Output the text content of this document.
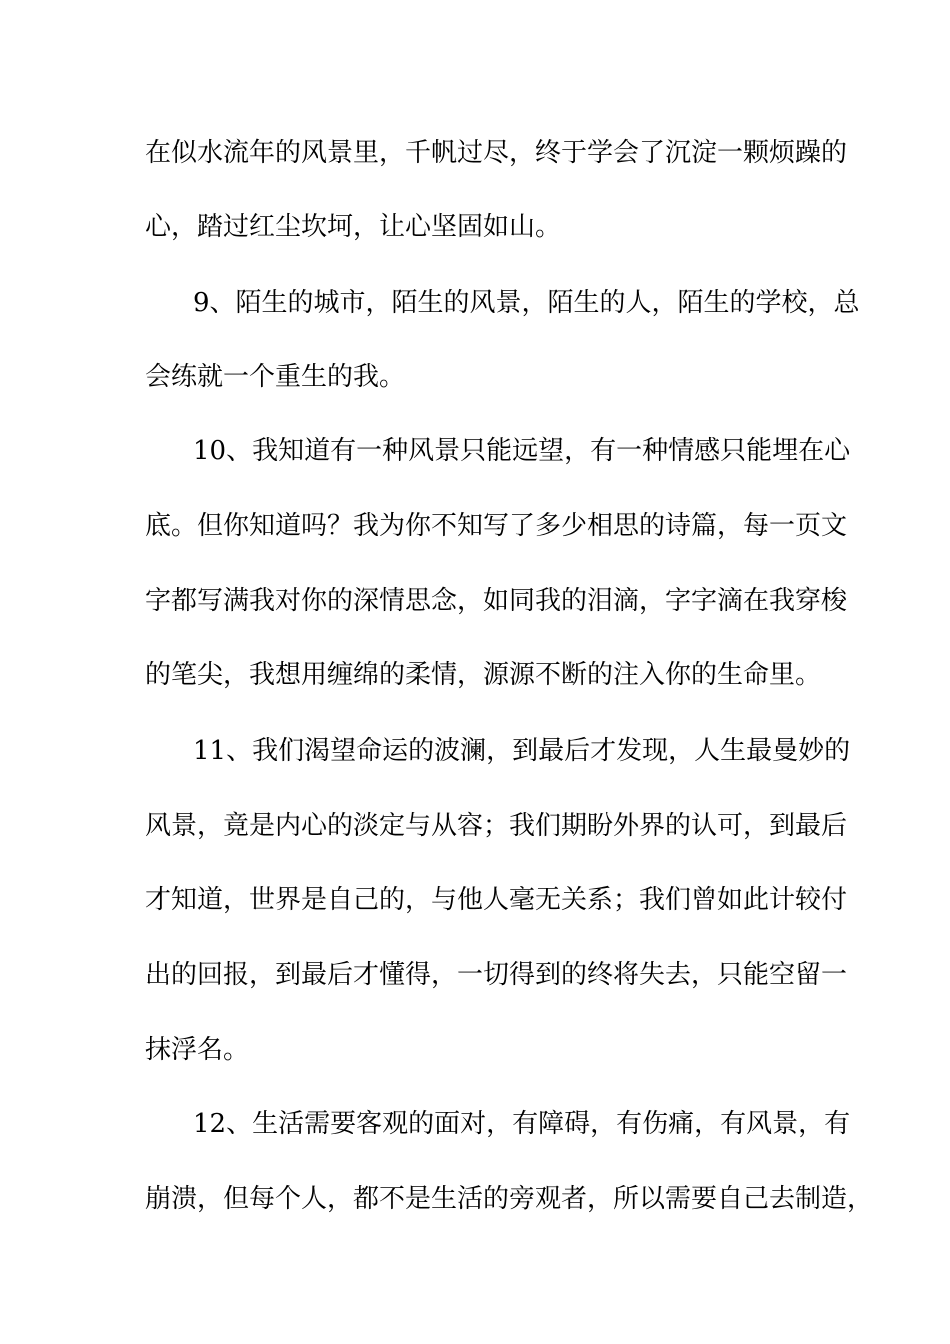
在似水流年的风景里，千帆过尽，终于学会了沉淀一颗烦躁的
心，踏过红尘坎坷，让心坚固如山。
9、陌生的城市，陌生的风景，陌生的人，陌生的学校，总
会练就一个重生的我。
10、我知道有一种风景只能远望，有一种情感只能埋在心
底。但你知道吗？我为你不知写了多少相思的诗篇，每一页文
字都写满我对你的深情思念，如同我的泪滴，字字滴在我穿梭
的笔尖，我想用缠绵的柔情，源源不断的注入你的生命里。
11、我们渴望命运的波澜，到最后才发现，人生最曼妙的
风景，竟是内心的淡定与从容；我们期盼外界的认可，到最后
才知道，世界是自己的，与他人毫无关系；我们曾如此计较付
出的回报，到最后才懂得，一切得到的终将失去，只能空留一
抹浮名。
12、生活需要客观的面对，有障碍，有伤痛，有风景，有
崩溃，但每个人，都不是生活的旁观者，所以需要自己去制造，
